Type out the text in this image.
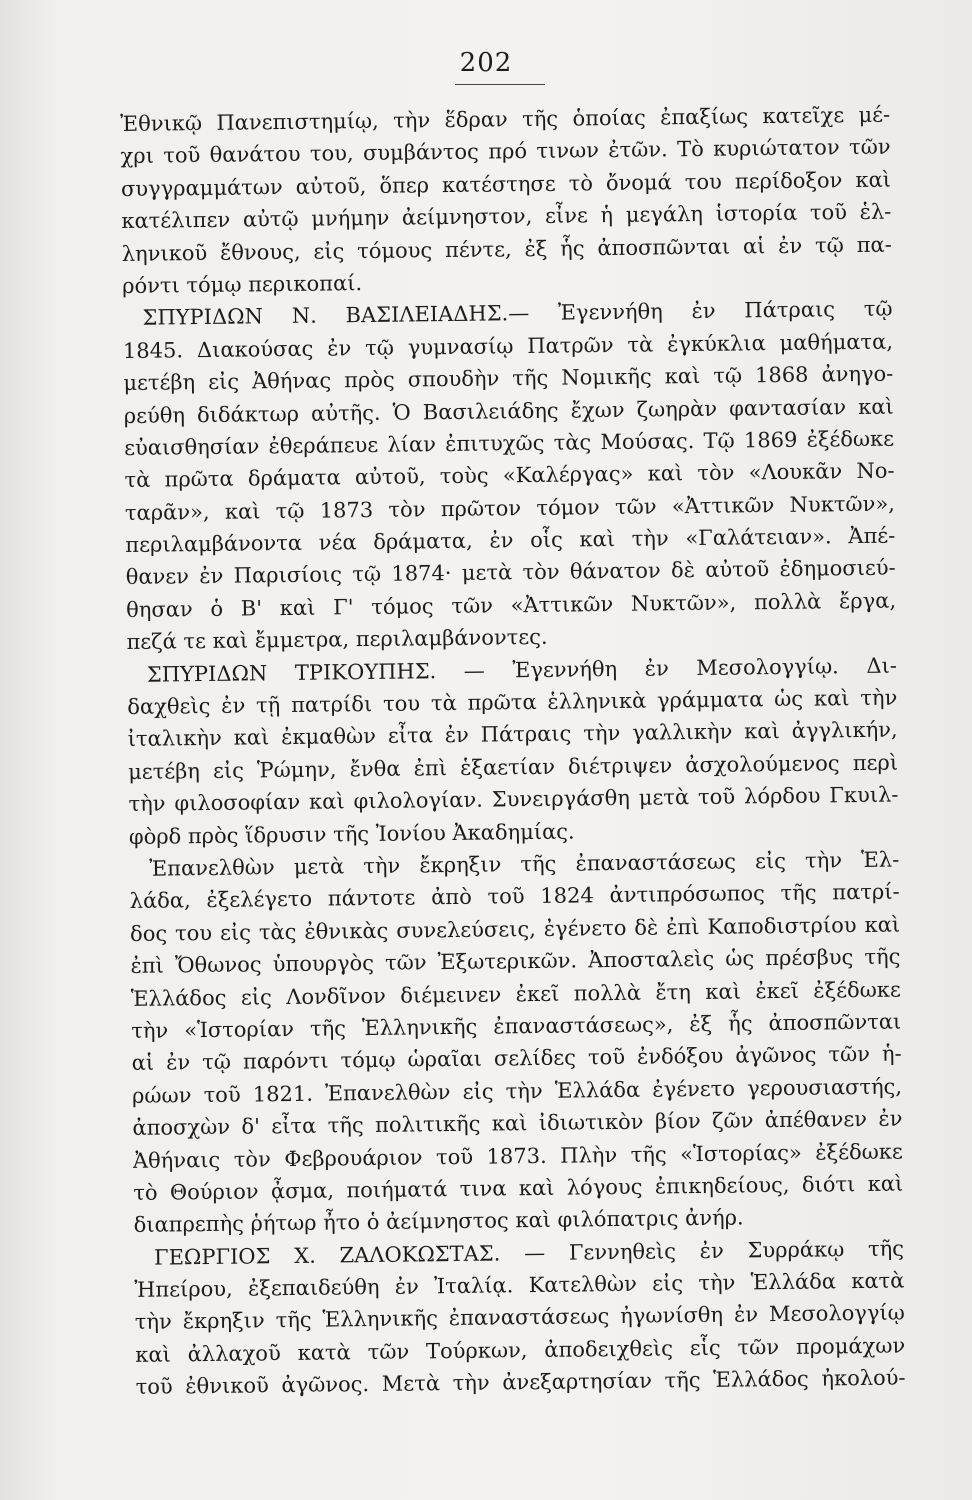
202
Ἐθνικῷ Πανεπιστημίῳ, τὴν ἕδραν τῆς ὁποίας ἐπαξίως κατεῖχε μέ-
χρι τοῦ θανάτου του, συμβάντος πρό τινων ἐτῶν. Τὸ κυριώτατον τῶν
συγγραμμάτων αὐτοῦ, ὅπερ κατέστησε τὸ ὄνομά του περίδοξον καὶ
κατέλιπεν αὐτῷ μνήμην ἀείμνηστον, εἶνε ἡ μεγάλη ἱστορία τοῦ ἑλ-
ληνικοῦ ἔθνους, εἰς τόμους πέντε, ἐξ ἧς ἀποσπῶνται αἱ ἐν τῷ πα-
ρόντι τόμῳ περικοπαί.
ΣΠΥΡΙΔΩΝ Ν. ΒΑΣΙΛΕΙΑΔΗΣ.— Ἐγεννήθη ἐν Πάτραις τῷ
1845. Διακούσας ἐν τῷ γυμνασίῳ Πατρῶν τὰ ἐγκύκλια μαθήματα,
μετέβη εἰς Ἀθήνας πρὸς σπουδὴν τῆς Νομικῆς καὶ τῷ 1868 ἀνηγο-
ρεύθη διδάκτωρ αὐτῆς. Ὁ Βασιλειάδης ἔχων ζωηρὰν φαντασίαν καὶ
εὐαισθησίαν ἐθεράπευε λίαν ἐπιτυχῶς τὰς Μούσας. Τῷ 1869 ἐξέδωκε
τὰ πρῶτα δράματα αὐτοῦ, τοὺς «Καλέργας» καὶ τὸν «Λουκᾶν Νο-
ταρᾶν», καὶ τῷ 1873 τὸν πρῶτον τόμον τῶν «Ἀττικῶν Νυκτῶν»,
περιλαμβάνοντα νέα δράματα, ἐν οἷς καὶ τὴν «Γαλάτειαν». Ἀπέ-
θανεν ἐν Παρισίοις τῷ 1874· μετὰ τὸν θάνατον δὲ αὐτοῦ ἐδημοσιεύ-
θησαν ὁ Β' καὶ Γ' τόμος τῶν «Ἀττικῶν Νυκτῶν», πολλὰ ἔργα,
πεζά τε καὶ ἔμμετρα, περιλαμβάνοντες.
ΣΠΥΡΙΔΩΝ ΤΡΙΚΟΥΠΗΣ. — Ἐγεννήθη ἐν Μεσολογγίῳ. Δι-
δαχθεὶς ἐν τῇ πατρίδι του τὰ πρῶτα ἑλληνικὰ γράμματα ὡς καὶ τὴν
ἰταλικὴν καὶ ἐκμαθὼν εἶτα ἐν Πάτραις τὴν γαλλικὴν καὶ ἀγγλικήν,
μετέβη εἰς Ῥώμην, ἔνθα ἐπὶ ἑξαετίαν διέτριψεν ἀσχολούμενος περὶ
τὴν φιλοσοφίαν καὶ φιλολογίαν. Συνειργάσθη μετὰ τοῦ λόρδου Γκυιλ-
φὸρδ πρὸς ἵδρυσιν τῆς Ἰονίου Ἀκαδημίας.
Ἐπανελθὼν μετὰ τὴν ἔκρηξιν τῆς ἐπαναστάσεως εἰς τὴν Ἑλ-
λάδα, ἐξελέγετο πάντοτε ἀπὸ τοῦ 1824 ἀντιπρόσωπος τῆς πατρί-
δος του εἰς τὰς ἐθνικὰς συνελεύσεις, ἐγένετο δὲ ἐπὶ Καποδιστρίου καὶ
ἐπὶ Ὄθωνος ὑπουργὸς τῶν Ἐξωτερικῶν. Ἀποσταλεὶς ὡς πρέσβυς τῆς
Ἑλλάδος εἰς Λονδῖνον διέμεινεν ἐκεῖ πολλὰ ἔτη καὶ ἐκεῖ ἐξέδωκε
τὴν «Ἱστορίαν τῆς Ἑλληνικῆς ἐπαναστάσεως», ἐξ ἧς ἀποσπῶνται
αἱ ἐν τῷ παρόντι τόμῳ ὡραῖαι σελίδες τοῦ ἐνδόξου ἀγῶνος τῶν ἡ-
ρώων τοῦ 1821. Ἐπανελθὼν εἰς τὴν Ἑλλάδα ἐγένετο γερουσιαστής,
ἀποσχὼν δ' εἶτα τῆς πολιτικῆς καὶ ἰδιωτικὸν βίον ζῶν ἀπέθανεν ἐν
Ἀθήναις τὸν Φεβρουάριον τοῦ 1873. Πλὴν τῆς «Ἱστορίας» ἐξέδωκε
τὸ Θούριον ᾆσμα, ποιήματά τινα καὶ λόγους ἐπικηδείους, διότι καὶ
διαπρεπὴς ῥήτωρ ἦτο ὁ ἀείμνηστος καὶ φιλόπατρις ἀνήρ.
ΓΕΩΡΓΙΟΣ Χ. ΖΑΛΟΚΩΣΤΑΣ. — Γεννηθεὶς ἐν Συρράκῳ τῆς
Ἠπείρου, ἐξεπαιδεύθη ἐν Ἰταλίᾳ. Κατελθὼν εἰς τὴν Ἑλλάδα κατὰ
τὴν ἔκρηξιν τῆς Ἑλληνικῆς ἐπαναστάσεως ἠγωνίσθη ἐν Μεσολογγίῳ
καὶ ἀλλαχοῦ κατὰ τῶν Τούρκων, ἀποδειχθεὶς εἷς τῶν προμάχων
τοῦ ἐθνικοῦ ἀγῶνος. Μετὰ τὴν ἀνεξαρτησίαν τῆς Ἑλλάδος ἠκολού-
